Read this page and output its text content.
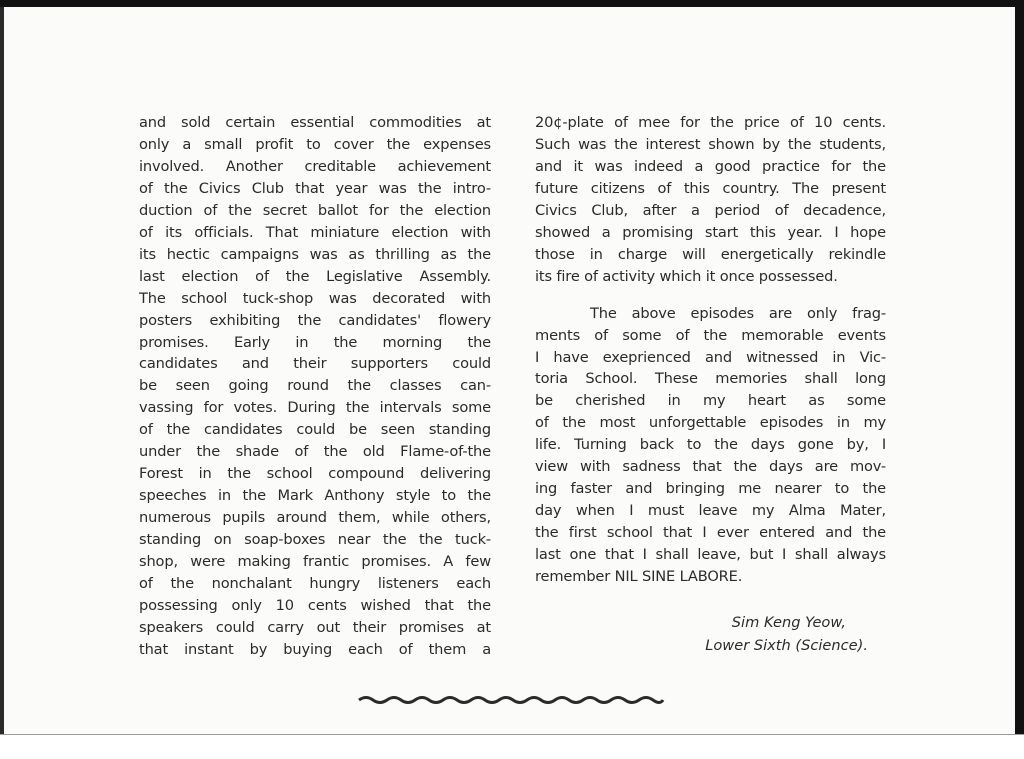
and sold certain essential commodities at
only a small profit to cover the expenses
involved. Another creditable achievement
of the Civics Club that year was the intro-
duction of the secret ballot for the election
of its officials. That miniature election with
its hectic campaigns was as thrilling as the
last election of the Legislative Assembly.
The school tuck-shop was decorated with
posters exhibiting the candidates' flowery
promises. Early in the morning the
candidates and their supporters could
be seen going round the classes can-
vassing for votes. During the intervals some
of the candidates could be seen standing
under the shade of the old Flame-of-the
Forest in the school compound delivering
speeches in the Mark Anthony style to the
numerous pupils around them, while others,
standing on soap-boxes near the the tuck-
shop, were making frantic promises. A few
of the nonchalant hungry listeners each
possessing only 10 cents wished that the
speakers could carry out their promises at
that instant by buying each of them a
20¢-plate of mee for the price of 10 cents.
Such was the interest shown by the students,
and it was indeed a good practice for the
future citizens of this country. The present
Civics Club, after a period of decadence,
showed a promising start this year. I hope
those in charge will energetically rekindle
its fire of activity which it once possessed.
The above episodes are only frag-
ments of some of the memorable events
I have exeprienced and witnessed in Vic-
toria School. These memories shall long
be cherished in my heart as some
of the most unforgettable episodes in my
life. Turning back to the days gone by, I
view with sadness that the days are mov-
ing faster and bringing me nearer to the
day when I must leave my Alma Mater,
the first school that I ever entered and the
last one that I shall leave, but I shall always
remember NIL SINE LABORE.
Sim Keng Yeow,
Lower Sixth (Science).
